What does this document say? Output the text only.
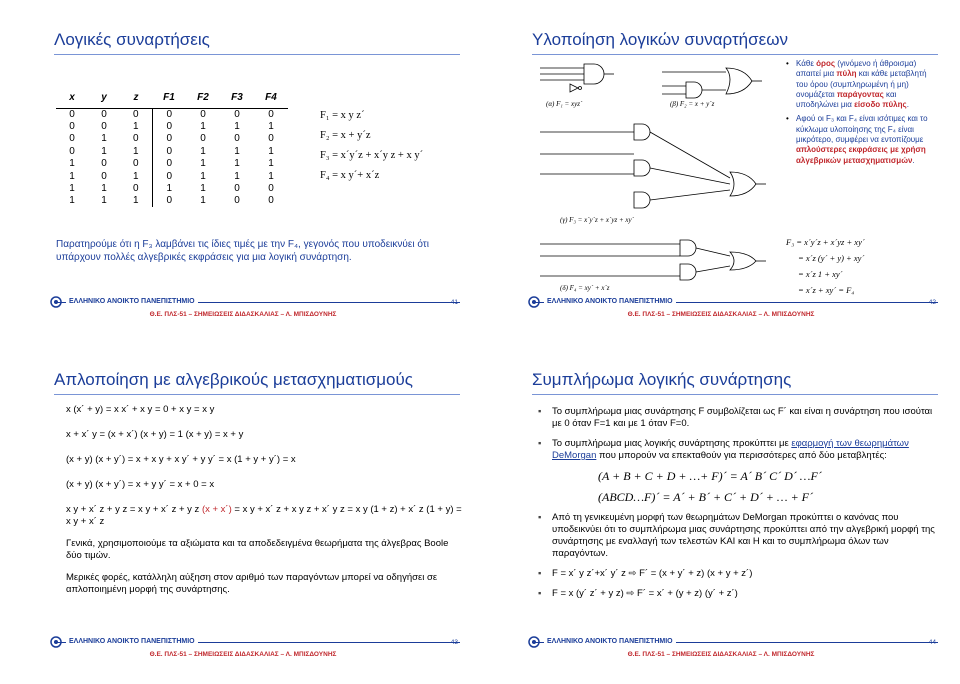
Λογικές συναρτήσεις
x	y	z	F1	F2	F3	F4
0	0	0	0	0	0	0
0	0	1	0	1	1	1
0	1	0	0	0	0	0
0	1	1	0	1	1	1
1	0	0	0	1	1	1
1	0	1	0	1	1	1
1	1	0	1	1	0	0
1	1	1	0	1	0	0
F₁ = x y z´
F₂ = x + y´z
F₃ = x´y´z + x´y z + x y´
F₄ = x y´+ x´z
Παρατηρούμε ότι η F₃ λαμβάνει τις ίδιες τιμές με την F₄, γεγονός που υποδεικνύει ότι υπάρχουν πολλές αλγεβρικές εκφράσεις για μια λογική συνάρτηση.
ΕΛΛΗΝΙΚΟ ΑΝΟΙΚΤΟ ΠΑΝΕΠΙΣΤΗΜΙΟ	41
Θ.Ε. ΠΛΣ-51 – ΣΗΜΕΙΩΣΕΙΣ ΔΙΔΑΣΚΑΛΙΑΣ – Λ. ΜΠΙΣΔΟΥΝΗΣ
Υλοποίηση λογικών συναρτήσεων
(α) F₁ = xyz´	(β) F₂ = x + y´z
(γ) F₃ = x´y´z + x´yz + xy´
(δ) F₄ = xy´ + x´z
• Κάθε όρος (γινόμενο ή άθροισμα) απαιτεί μια πύλη και κάθε μεταβλητή του όρου (συμπληρωμένη ή μη) ονομάζεται παράγοντας και υποδηλώνει μια είσοδο πύλης.
• Αφού οι F₃ και F₄ είναι ισότιμες και το κύκλωμα υλοποίησης της F₄ είναι μικρότερο, συμφέρει να εντοπίζουμε απλούστερες εκφράσεις με χρήση αλγεβρικών μετασχηματισμών.
F₃ = x´y´z + x´yz + xy´
= x´z (y´ + y) + xy´
= x´z 1 + xy´
= x´z + xy´ = F₄
ΕΛΛΗΝΙΚΟ ΑΝΟΙΚΤΟ ΠΑΝΕΠΙΣΤΗΜΙΟ	42
Θ.Ε. ΠΛΣ-51 – ΣΗΜΕΙΩΣΕΙΣ ΔΙΔΑΣΚΑΛΙΑΣ – Λ. ΜΠΙΣΔΟΥΝΗΣ
Απλοποίηση με αλγεβρικούς μετασχηματισμούς
x (x´ + y) = x x´ + x y = 0 + x y = x y
x + x´ y = (x + x´) (x + y) = 1 (x + y) = x + y
(x + y) (x + y´) = x + x y + x y´ + y y´ = x (1 + y + y´) = x
(x + y) (x + y´) = x + y y´ = x + 0 = x
x y + x´ z + y z = x y + x´ z + y z (x + x´) = x y + x´ z + x y z + x´ y z = x y (1 + z) + x´ z (1 + y) = x y + x´ z
Γενικά, χρησιμοποιούμε τα αξιώματα και τα αποδεδειγμένα θεωρήματα της άλγεβρας Boole δύο τιμών.
Μερικές φορές, κατάλληλη αύξηση στον αριθμό των παραγόντων μπορεί να οδηγήσει σε απλοποιημένη μορφή της συνάρτησης.
ΕΛΛΗΝΙΚΟ ΑΝΟΙΚΤΟ ΠΑΝΕΠΙΣΤΗΜΙΟ	43
Θ.Ε. ΠΛΣ-51 – ΣΗΜΕΙΩΣΕΙΣ ΔΙΔΑΣΚΑΛΙΑΣ – Λ. ΜΠΙΣΔΟΥΝΗΣ
Συμπλήρωμα λογικής συνάρτησης
▪ Το συμπλήρωμα μιας συνάρτησης F συμβολίζεται ως F´ και είναι η συνάρτηση που ισούται με 0 όταν F=1 και με 1 όταν F=0.
▪ Το συμπλήρωμα μιας λογικής συνάρτησης προκύπτει με εφαρμογή των θεωρημάτων DeMorgan που μπορούν να επεκταθούν για περισσότερες από δύο μεταβλητές:
(A + B + C + D + …+ F)´ = A´ B´ C´ D´ …F´
(ABCD…F)´ = A´ + B´ + C´ + D´ + … + F´
▪ Από τη γενικευμένη μορφή των θεωρημάτων DeMorgan προκύπτει ο κανόνας που υποδεικνύει ότι το συμπλήρωμα μιας συνάρτησης προκύπτει από την αλγεβρική μορφή της συνάρτησης με εναλλαγή των τελεστών ΚΑΙ και Η και το συμπλήρωμα όλων των παραγόντων.
▪ F = x´ y z´+x´ y´ z ⇨ F´ = (x + y´ + z) (x + y + z´)
▪ F = x (y´ z´ + y z) ⇨ F´ = x´ + (y + z) (y´ + z´)
ΕΛΛΗΝΙΚΟ ΑΝΟΙΚΤΟ ΠΑΝΕΠΙΣΤΗΜΙΟ	44
Θ.Ε. ΠΛΣ-51 – ΣΗΜΕΙΩΣΕΙΣ ΔΙΔΑΣΚΑΛΙΑΣ – Λ. ΜΠΙΣΔΟΥΝΗΣ
